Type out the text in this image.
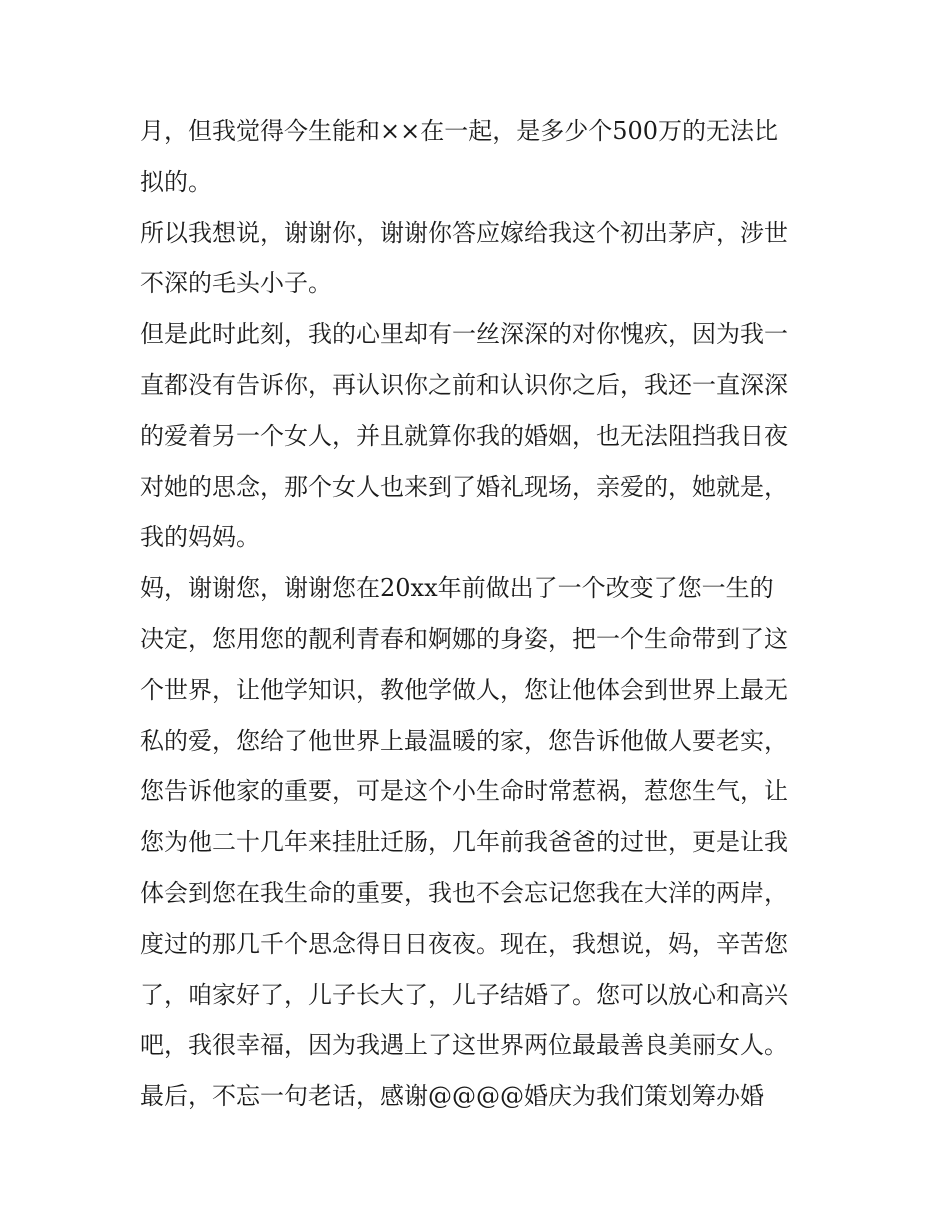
月，但我觉得今生能和××在一起，是多少个500万的无法比
拟的。
所以我想说，谢谢你，谢谢你答应嫁给我这个初出茅庐，涉世
不深的毛头小子。
但是此时此刻，我的心里却有一丝深深的对你愧疚，因为我一
直都没有告诉你，再认识你之前和认识你之后，我还一直深深
的爱着另一个女人，并且就算你我的婚姻，也无法阻挡我日夜
对她的思念，那个女人也来到了婚礼现场，亲爱的，她就是，
我的妈妈。
妈，谢谢您，谢谢您在20xx年前做出了一个改变了您一生的
决定，您用您的靓利青春和婀娜的身姿，把一个生命带到了这
个世界，让他学知识，教他学做人，您让他体会到世界上最无
私的爱，您给了他世界上最温暖的家，您告诉他做人要老实，
您告诉他家的重要，可是这个小生命时常惹祸，惹您生气，让
您为他二十几年来挂肚迁肠，几年前我爸爸的过世，更是让我
体会到您在我生命的重要，我也不会忘记您我在大洋的两岸，
度过的那几千个思念得日日夜夜。现在，我想说，妈，辛苦您
了，咱家好了，儿子长大了，儿子结婚了。您可以放心和高兴
吧，我很幸福，因为我遇上了这世界两位最最善良美丽女人。
最后，不忘一句老话，感谢@@@@婚庆为我们策划筹办婚
